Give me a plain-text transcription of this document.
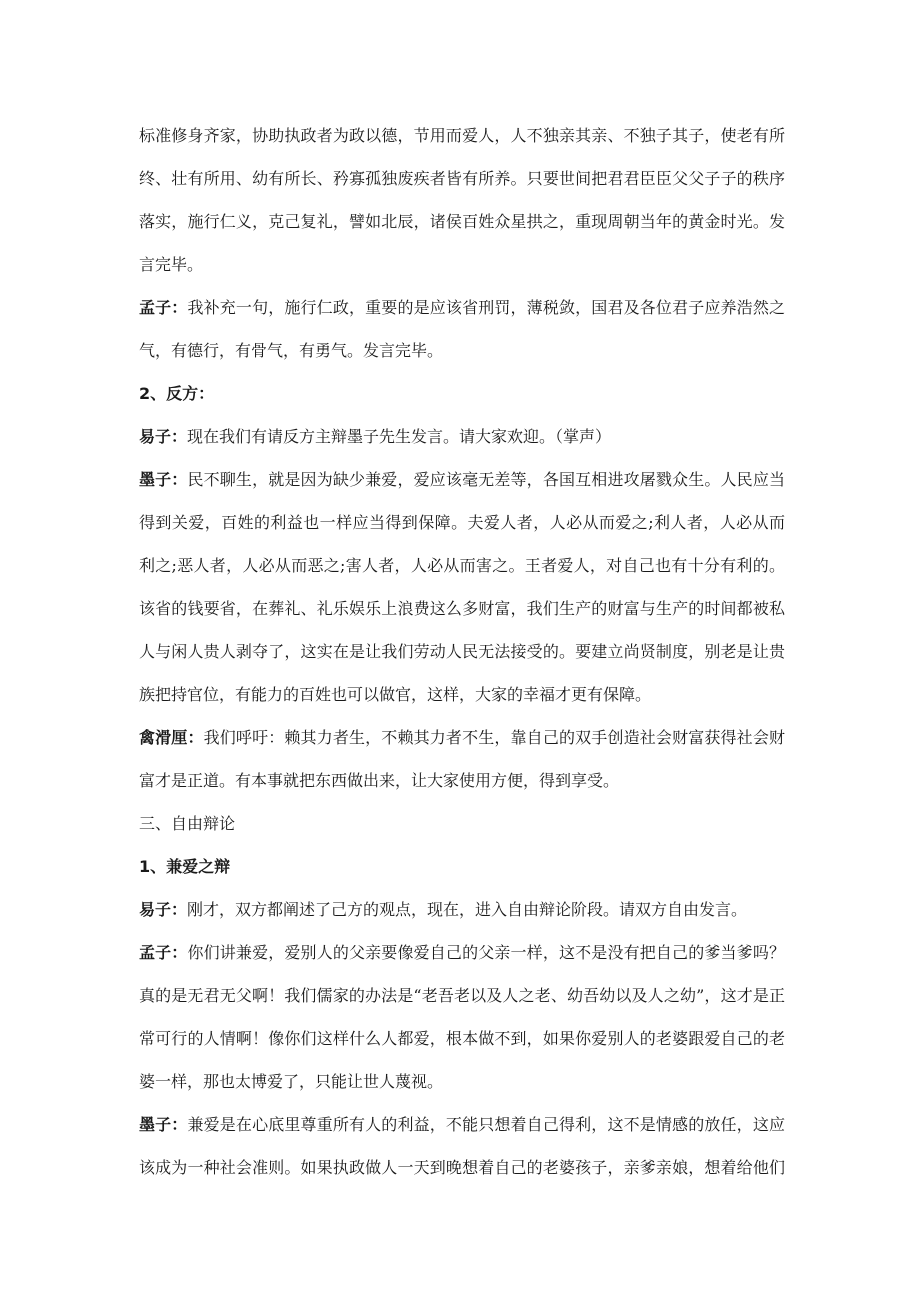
标准修身齐家，协助执政者为政以德，节用而爱人，人不独亲其亲、不独子其子，使老有所
终、壮有所用、幼有所长、矜寡孤独废疾者皆有所养。只要世间把君君臣臣父父子子的秩序
落实，施行仁义，克己复礼，譬如北辰，诸侯百姓众星拱之，重现周朝当年的黄金时光。发
言完毕。
孟子：我补充一句，施行仁政，重要的是应该省刑罚，薄税敛，国君及各位君子应养浩然之
气，有德行，有骨气，有勇气。发言完毕。
2、反方：
易子：现在我们有请反方主辩墨子先生发言。请大家欢迎。（掌声）
墨子：民不聊生，就是因为缺少兼爱，爱应该毫无差等，各国互相进攻屠戮众生。人民应当
得到关爱，百姓的利益也一样应当得到保障。夫爱人者，人必从而爱之;利人者，人必从而
利之;恶人者，人必从而恶之;害人者，人必从而害之。王者爱人，对自己也有十分有利的。
该省的钱要省，在葬礼、礼乐娱乐上浪费这么多财富，我们生产的财富与生产的时间都被私
人与闲人贵人剥夺了，这实在是让我们劳动人民无法接受的。要建立尚贤制度，别老是让贵
族把持官位，有能力的百姓也可以做官，这样，大家的幸福才更有保障。
禽滑厘：我们呼吁：赖其力者生，不赖其力者不生，靠自己的双手创造社会财富获得社会财
富才是正道。有本事就把东西做出来，让大家使用方便，得到享受。
三、自由辩论
1、兼爱之辩
易子：刚才，双方都阐述了己方的观点，现在，进入自由辩论阶段。请双方自由发言。
孟子：你们讲兼爱，爱别人的父亲要像爱自己的父亲一样，这不是没有把自己的爹当爹吗？
真的是无君无父啊！我们儒家的办法是“老吾老以及人之老、幼吾幼以及人之幼”，这才是正
常可行的人情啊！像你们这样什么人都爱，根本做不到，如果你爱别人的老婆跟爱自己的老
婆一样，那也太博爱了，只能让世人蔑视。
墨子：兼爱是在心底里尊重所有人的利益，不能只想着自己得利，这不是情感的放任，这应
该成为一种社会准则。如果执政做人一天到晚想着自己的老婆孩子，亲爹亲娘，想着给他们
